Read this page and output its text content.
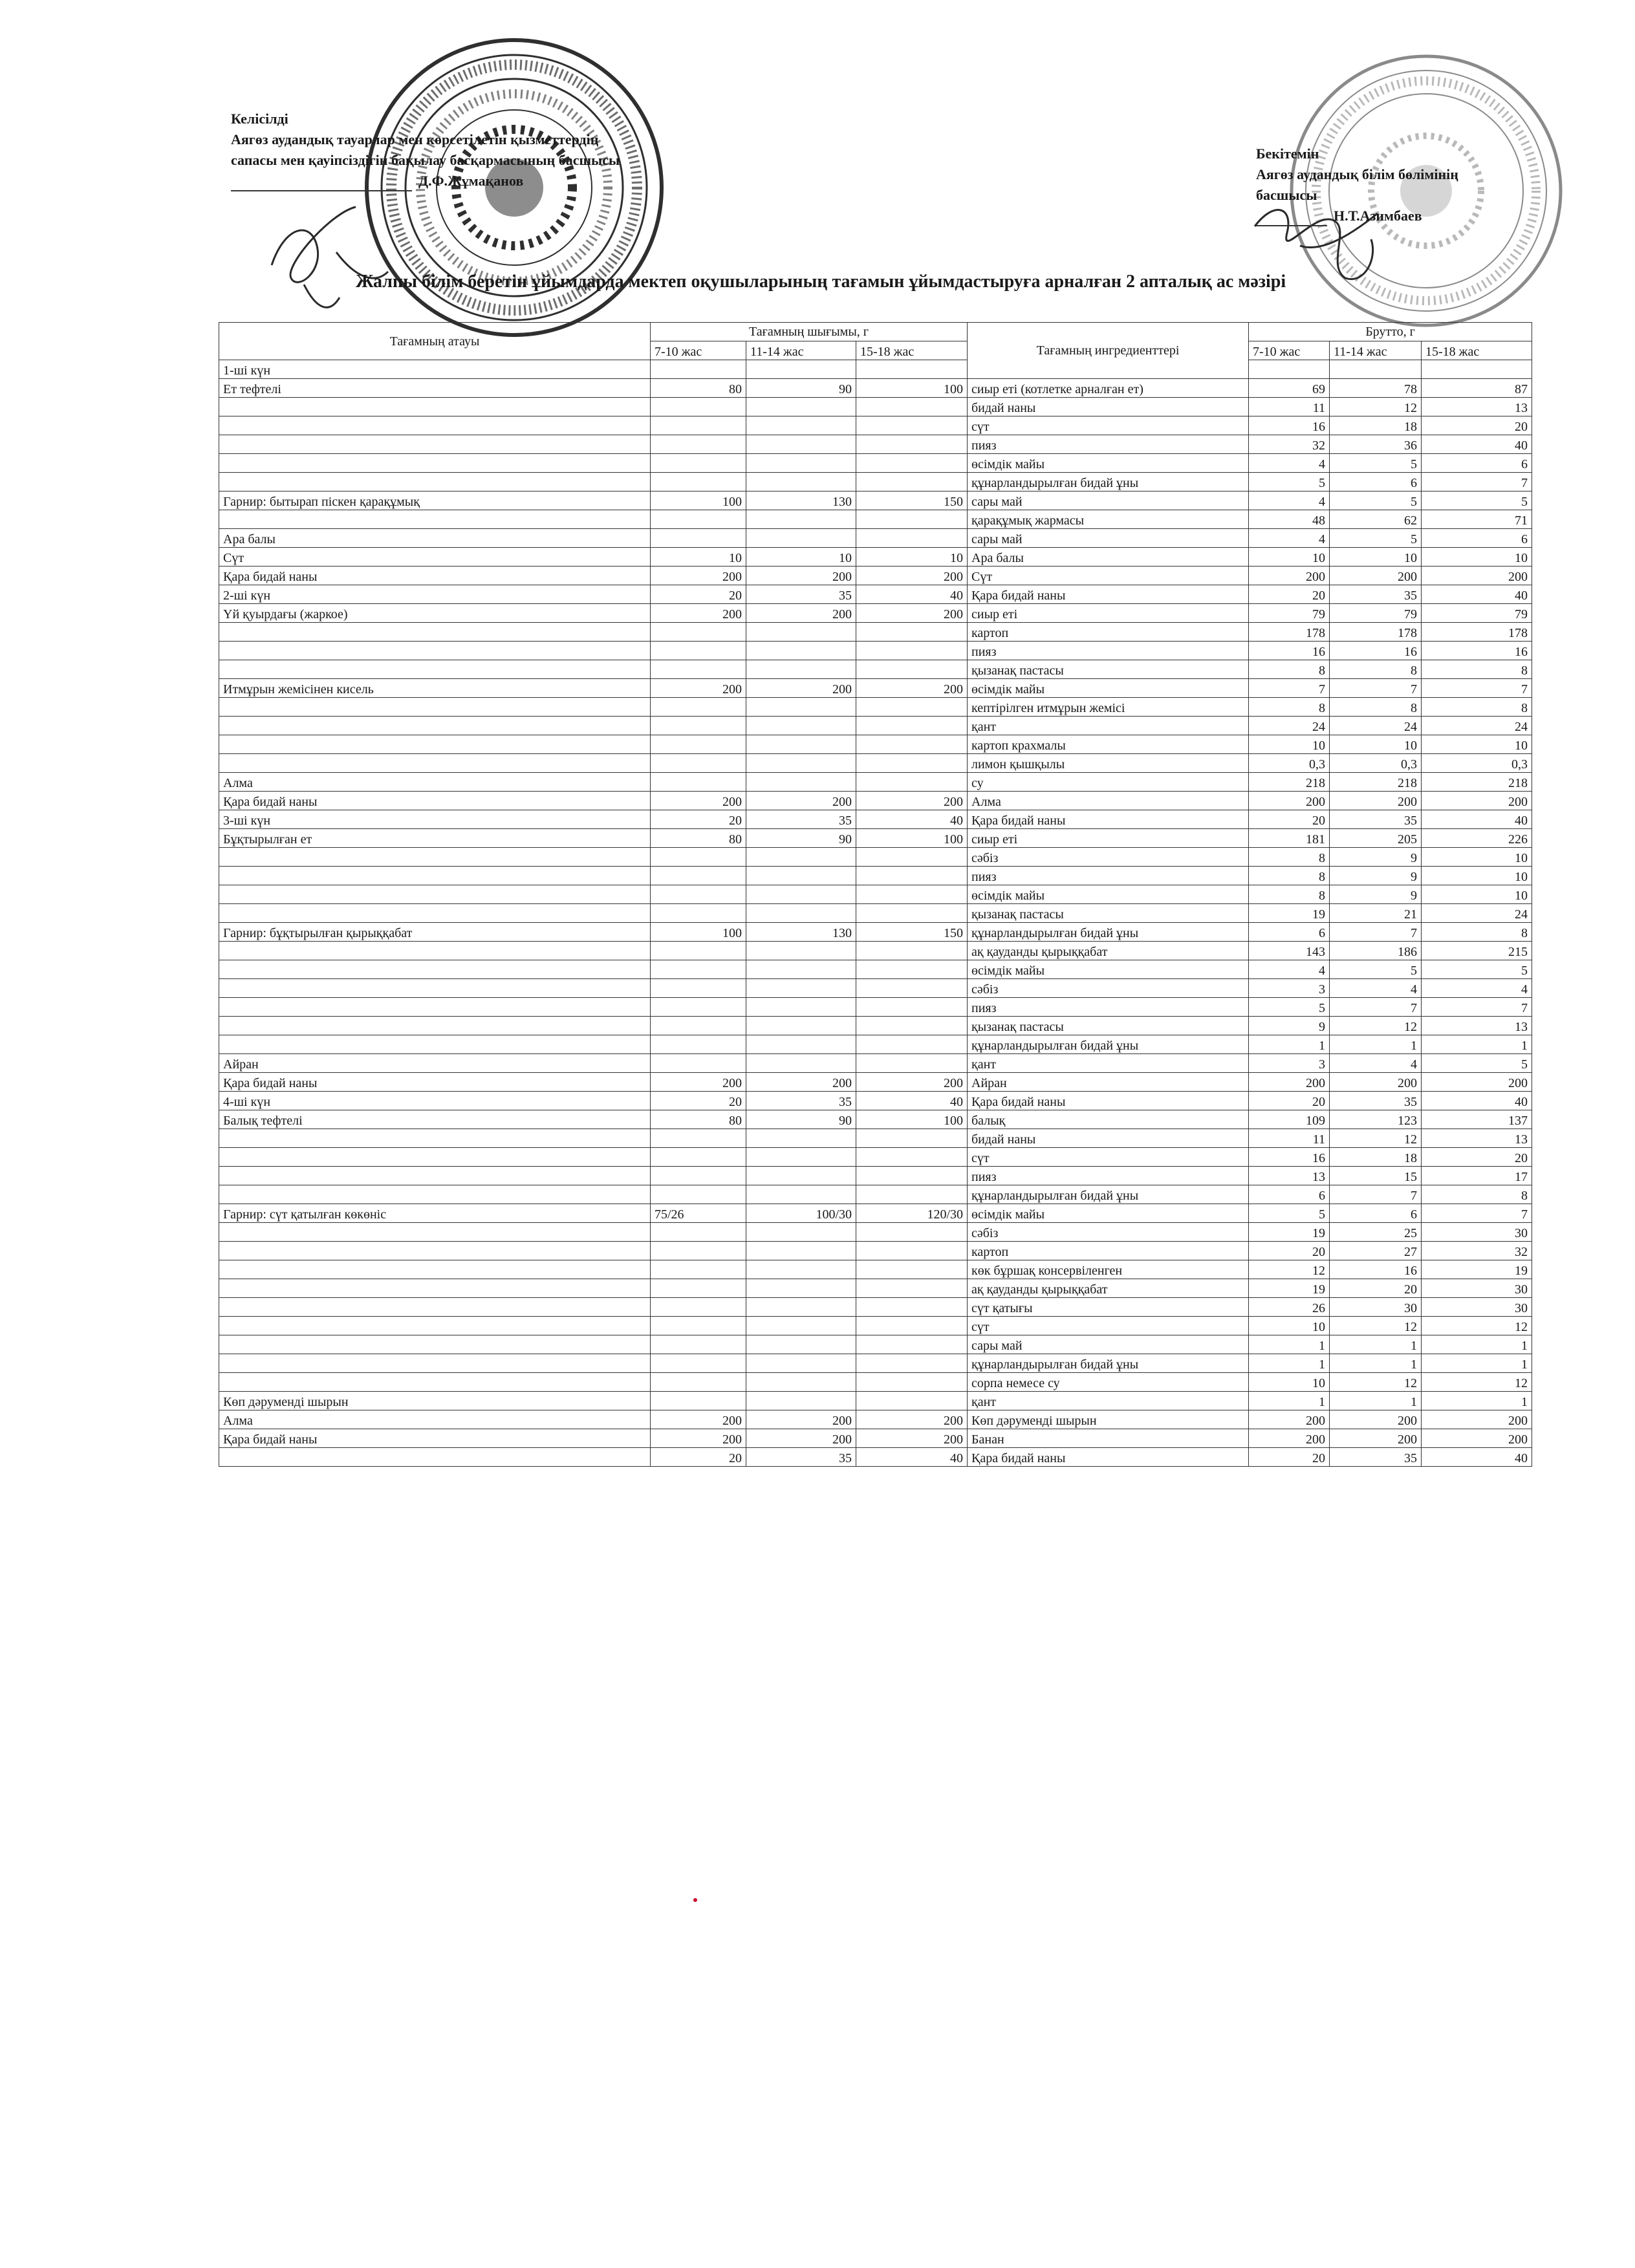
Келісілді
Аягөз аудандық тауарлар мен көрсетілетін қызметтердің
сапасы мен қауіпсіздігін бақылау басқармасының басшысы
Д.Ф.Жұмақанов
Бекітемін
Аягөз аудандық білім бөлімінің
басшысы
Н.Т.Азимбаев
Жалпы білім беретін ұйымдарда мектеп оқушыларының тағамын ұйымдастыруға арналған 2 апталық ас мәзірі
Тағамның атауы	Тағамның шығымы, г			Тағамның ингредиенттері	Брутто, г		
	7-10 жас	11-14 жас	15-18 жас		7-10 жас	11-14 жас	15-18 жас
1-ші күн							
Ет тефтелі	80	90	100	сиыр еті (котлетке арналған ет)	69	78	87
				бидай наны	11	12	13
				сүт	16	18	20
				пияз	32	36	40
				өсімдік майы	4	5	6
				құнарландырылған бидай ұны	5	6	7
Гарнир: бытырап піскен қарақұмық	100	130	150	сары май	4	5	5
				қарақұмық жармасы	48	62	71
Ара балы				сары май	4	5	6
Сүт	10	10	10	Ара балы	10	10	10
Қара бидай наны	200	200	200	Сүт	200	200	200
2-ші күн	20	35	40	Қара бидай наны	20	35	40
Үй қуырдағы (жаркое)	200	200	200	сиыр еті	79	79	79
				картоп	178	178	178
				пияз	16	16	16
				қызанақ пастасы	8	8	8
Итмұрын жемісінен кисель	200	200	200	өсімдік майы	7	7	7
				кептірілген итмұрын жемісі	8	8	8
				қант	24	24	24
				картоп крахмалы	10	10	10
				лимон қышқылы	0,3	0,3	0,3
Алма				су	218	218	218
Қара бидай наны	200	200	200	Алма	200	200	200
3-ші күн	20	35	40	Қара бидай наны	20	35	40
Бұқтырылған ет	80	90	100	сиыр еті	181	205	226
				сәбіз	8	9	10
				пияз	8	9	10
				өсімдік майы	8	9	10
				қызанақ пастасы	19	21	24
Гарнир: бұқтырылған қырыққабат	100	130	150	құнарландырылған бидай ұны	6	7	8
				ақ қауданды қырыққабат	143	186	215
				өсімдік майы	4	5	5
				сәбіз	3	4	4
				пияз	5	7	7
				қызанақ пастасы	9	12	13
				құнарландырылған бидай ұны	1	1	1
Айран				қант	3	4	5
Қара бидай наны	200	200	200	Айран	200	200	200
4-ші күн	20	35	40	Қара бидай наны	20	35	40
Балық тефтелі	80	90	100	балық	109	123	137
				бидай наны	11	12	13
				сүт	16	18	20
				пияз	13	15	17
				құнарландырылған бидай ұны	6	7	8
Гарнир: сүт қатылған көкөніс	75/26	100/30	120/30	өсімдік майы	5	6	7
				сәбіз	19	25	30
				картоп	20	27	32
				көк бұршақ консервіленген	12	16	19
				ақ қауданды қырыққабат	19	20	30
				сүт қатығы	26	30	30
				сүт	10	12	12
				сары май	1	1	1
				құнарландырылған бидай ұны	1	1	1
				сорпа немесе су	10	12	12
Көп дәруменді шырын				қант	1	1	1
Алма	200	200	200	Көп дәруменді шырын	200	200	200
Қара бидай наны	200	200	200	Банан	200	200	200
	20	35	40	Қара бидай наны	20	35	40
